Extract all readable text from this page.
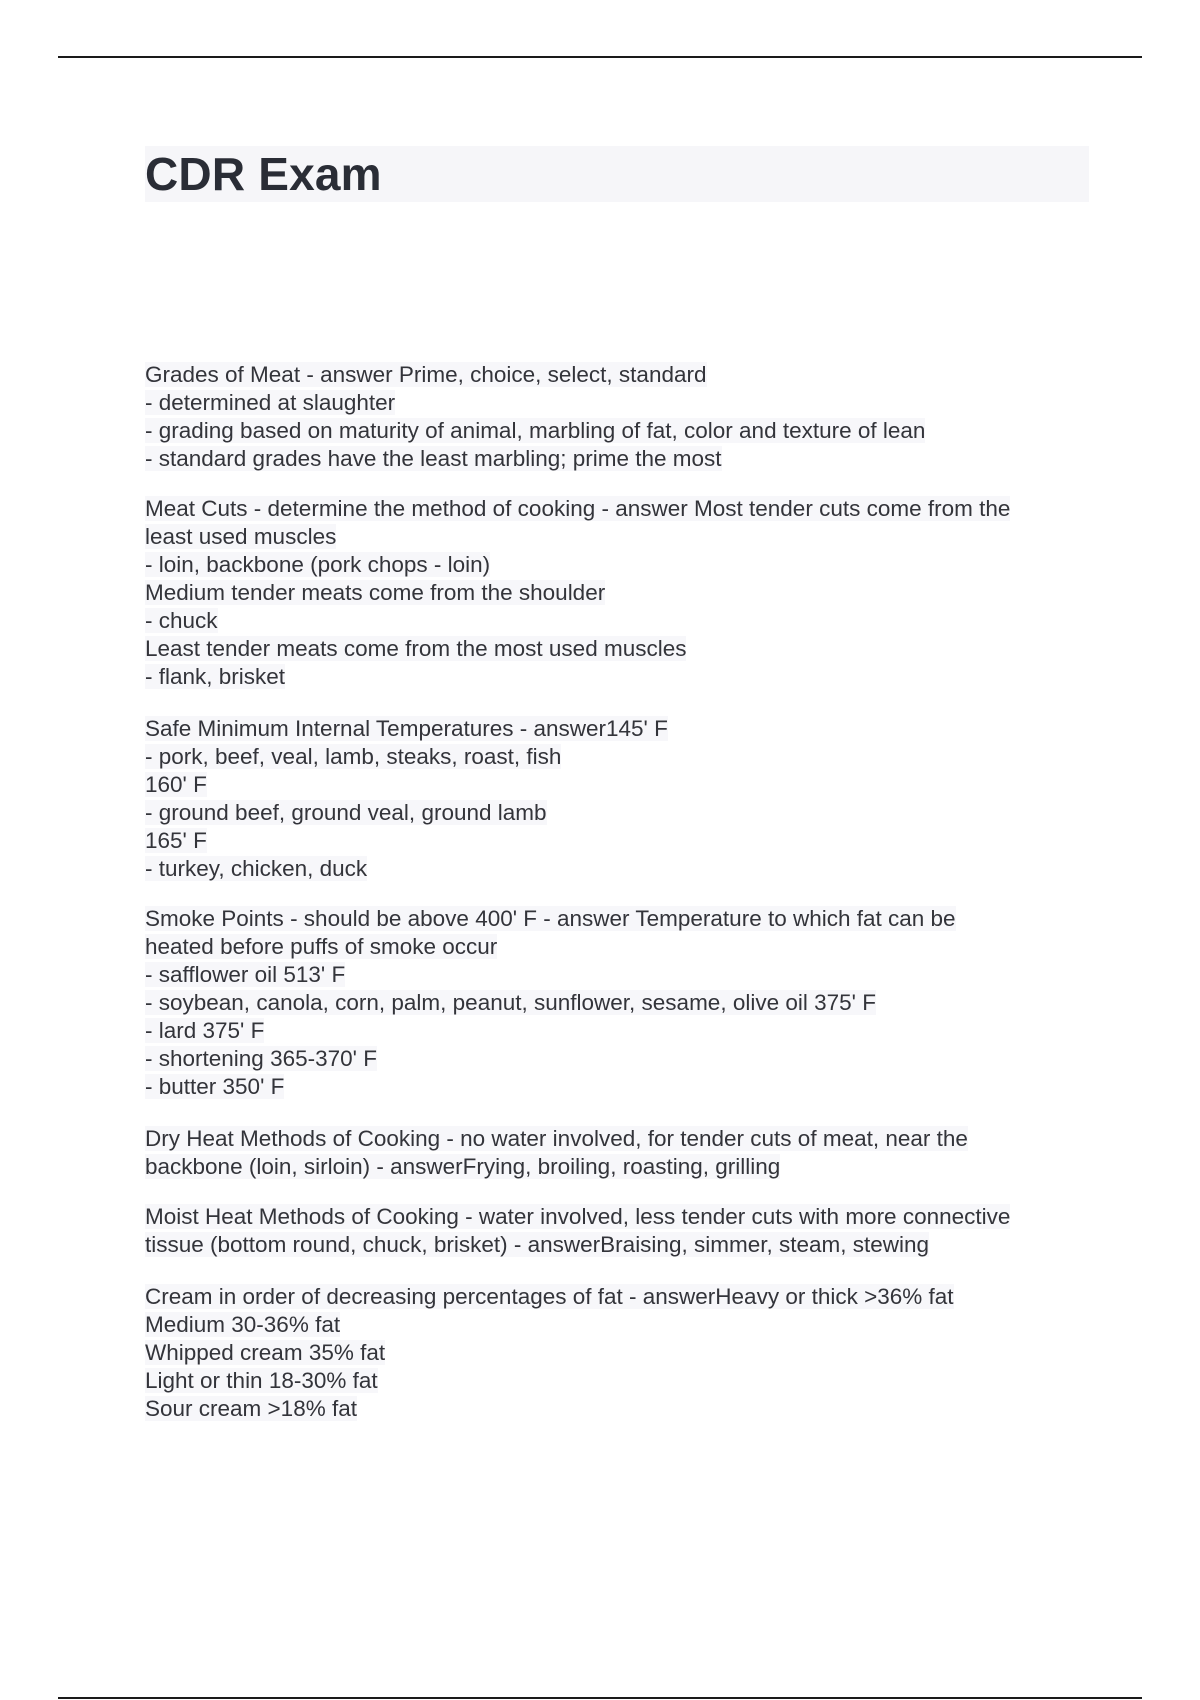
CDR Exam
Grades of Meat - answer Prime, choice, select, standard
- determined at slaughter
- grading based on maturity of animal, marbling of fat, color and texture of lean
- standard grades have the least marbling; prime the most
Meat Cuts - determine the method of cooking - answer Most tender cuts come from the
least used muscles
- loin, backbone (pork chops - loin)
Medium tender meats come from the shoulder
- chuck
Least tender meats come from the most used muscles
- flank, brisket
Safe Minimum Internal Temperatures - answer145' F
- pork, beef, veal, lamb, steaks, roast, fish
160' F
- ground beef, ground veal, ground lamb
165' F
- turkey, chicken, duck
Smoke Points - should be above 400' F - answer Temperature to which fat can be
heated before puffs of smoke occur
- safflower oil 513' F
- soybean, canola, corn, palm, peanut, sunflower, sesame, olive oil 375' F
- lard 375' F
- shortening 365-370' F
- butter 350' F
Dry Heat Methods of Cooking - no water involved, for tender cuts of meat, near the
backbone (loin, sirloin) - answerFrying, broiling, roasting, grilling
Moist Heat Methods of Cooking - water involved, less tender cuts with more connective
tissue (bottom round, chuck, brisket) - answerBraising, simmer, steam, stewing
Cream in order of decreasing percentages of fat - answerHeavy or thick >36% fat
Medium 30-36% fat
Whipped cream 35% fat
Light or thin 18-30% fat
Sour cream >18% fat
